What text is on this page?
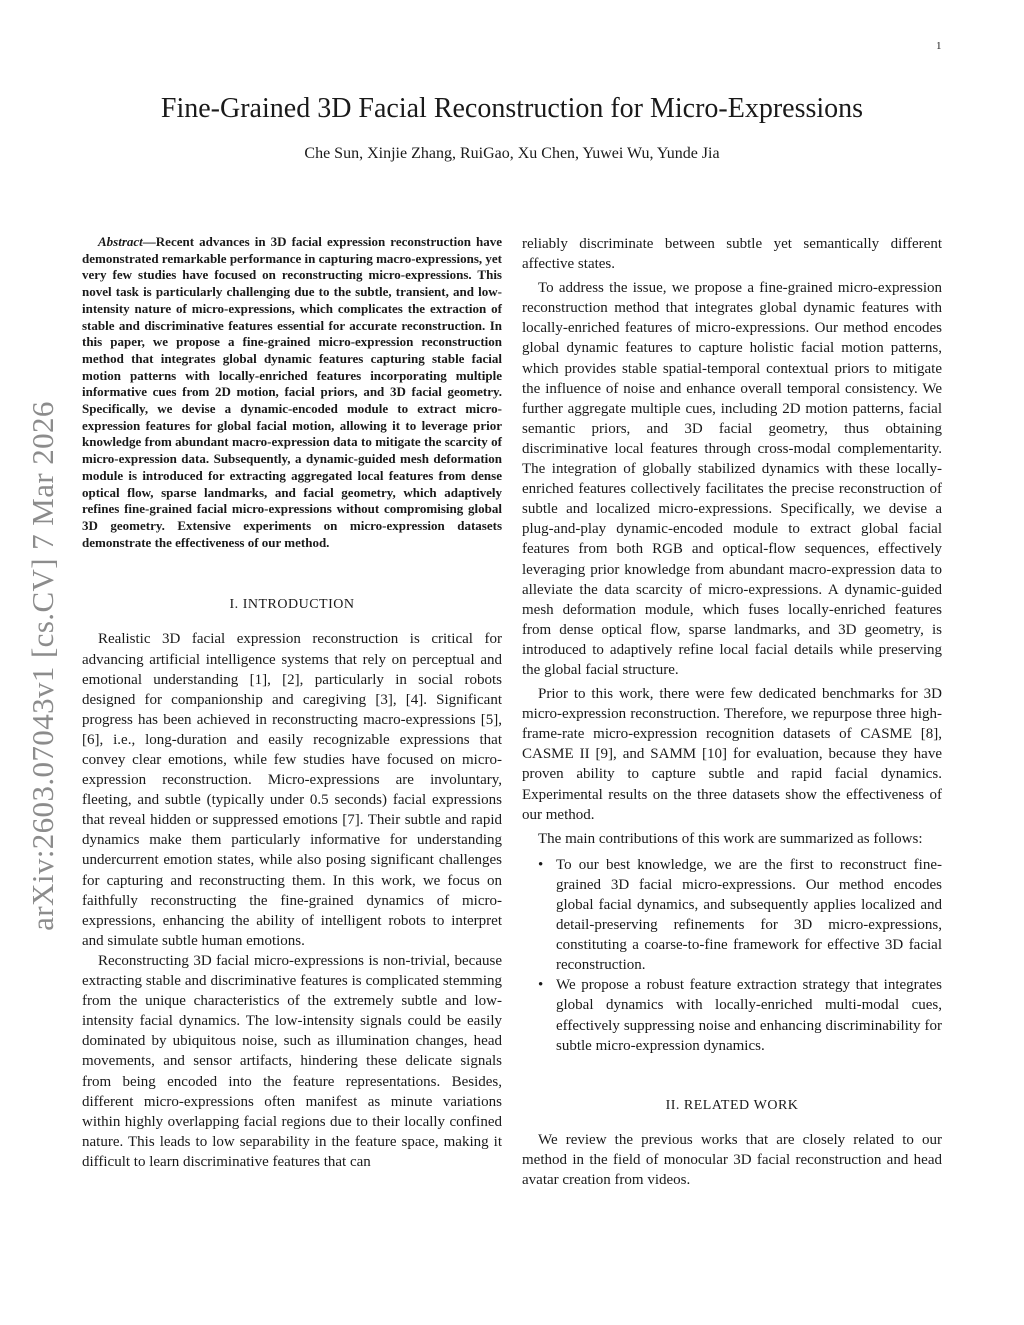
1
arXiv:2603.07043v1 [cs.CV] 7 Mar 2026
Fine-Grained 3D Facial Reconstruction for Micro-Expressions
Che Sun, Xinjie Zhang, RuiGao, Xu Chen, Yuwei Wu, Yunde Jia

Abstract—Recent advances in 3D facial expression reconstruction have demonstrated remarkable performance in capturing macro-expressions, yet very few studies have focused on reconstructing micro-expressions. This novel task is particularly challenging due to the subtle, transient, and low-intensity nature of micro-expressions, which complicates the extraction of stable and discriminative features essential for accurate reconstruction. In this paper, we propose a fine-grained micro-expression reconstruction method that integrates global dynamic features capturing stable facial motion patterns with locally-enriched features incorporating multiple informative cues from 2D motion, facial priors, and 3D facial geometry. Specifically, we devise a dynamic-encoded module to extract micro-expression features for global facial motion, allowing it to leverage prior knowledge from abundant macro-expression data to mitigate the scarcity of micro-expression data. Subsequently, a dynamic-guided mesh deformation module is introduced for extracting aggregated local features from dense optical flow, sparse landmarks, and facial geometry, which adaptively refines fine-grained facial micro-expressions without compromising global 3D geometry. Extensive experiments on micro-expression datasets demonstrate the effectiveness of our method.

I. INTRODUCTION

Realistic 3D facial expression reconstruction is critical for advancing artificial intelligence systems that rely on perceptual and emotional understanding [1], [2], particularly in social robots designed for companionship and caregiving [3], [4]. Significant progress has been achieved in reconstructing macro-expressions [5], [6], i.e., long-duration and easily recognizable expressions that convey clear emotions, while few studies have focused on micro-expression reconstruction. Micro-expressions are involuntary, fleeting, and subtle (typically under 0.5 seconds) facial expressions that reveal hidden or suppressed emotions [7]. Their subtle and rapid dynamics make them particularly informative for understanding undercurrent emotion states, while also posing significant challenges for capturing and reconstructing them. In this work, we focus on faithfully reconstructing the fine-grained dynamics of micro-expressions, enhancing the ability of intelligent robots to interpret and simulate subtle human emotions.

Reconstructing 3D facial micro-expressions is non-trivial, because extracting stable and discriminative features is complicated stemming from the unique characteristics of the extremely subtle and low-intensity facial dynamics. The low-intensity signals could be easily dominated by ubiquitous noise, such as illumination changes, head movements, and sensor artifacts, hindering these delicate signals from being encoded into the feature representations. Besides, different micro-expressions often manifest as minute variations within highly overlapping facial regions due to their locally confined nature. This leads to low separability in the feature space, making it difficult to learn discriminative features that can

reliably discriminate between subtle yet semantically different affective states.

To address the issue, we propose a fine-grained micro-expression reconstruction method that integrates global dynamic features with locally-enriched features of micro-expressions. Our method encodes global dynamic features to capture holistic facial motion patterns, which provides stable spatial-temporal contextual priors to mitigate the influence of noise and enhance overall temporal consistency. We further aggregate multiple cues, including 2D motion patterns, facial semantic priors, and 3D facial geometry, thus obtaining discriminative local features through cross-modal complementarity. The integration of globally stabilized dynamics with these locally-enriched features collectively facilitates the precise reconstruction of subtle and localized micro-expressions. Specifically, we devise a plug-and-play dynamic-encoded module to extract global facial features from both RGB and optical-flow sequences, effectively leveraging prior knowledge from abundant macro-expression data to alleviate the data scarcity of micro-expressions. A dynamic-guided mesh deformation module, which fuses locally-enriched features from dense optical flow, sparse landmarks, and 3D geometry, is introduced to adaptively refine local facial details while preserving the global facial structure.

Prior to this work, there were few dedicated benchmarks for 3D micro-expression reconstruction. Therefore, we repurpose three high-frame-rate micro-expression recognition datasets of CASME [8], CASME II [9], and SAMM [10] for evaluation, because they have proven ability to capture subtle and rapid facial dynamics. Experimental results on the three datasets show the effectiveness of our method.

The main contributions of this work are summarized as follows:

• To our best knowledge, we are the first to reconstruct fine-grained 3D facial micro-expressions. Our method encodes global facial dynamics, and subsequently applies localized and detail-preserving refinements for 3D micro-expressions, constituting a coarse-to-fine framework for effective 3D facial reconstruction.
• We propose a robust feature extraction strategy that integrates global dynamics with locally-enriched multi-modal cues, effectively suppressing noise and enhancing discriminability for subtle micro-expression dynamics.
II. RELATED WORK

We review the previous works that are closely related to our method in the field of monocular 3D facial reconstruction and head avatar creation from videos.
